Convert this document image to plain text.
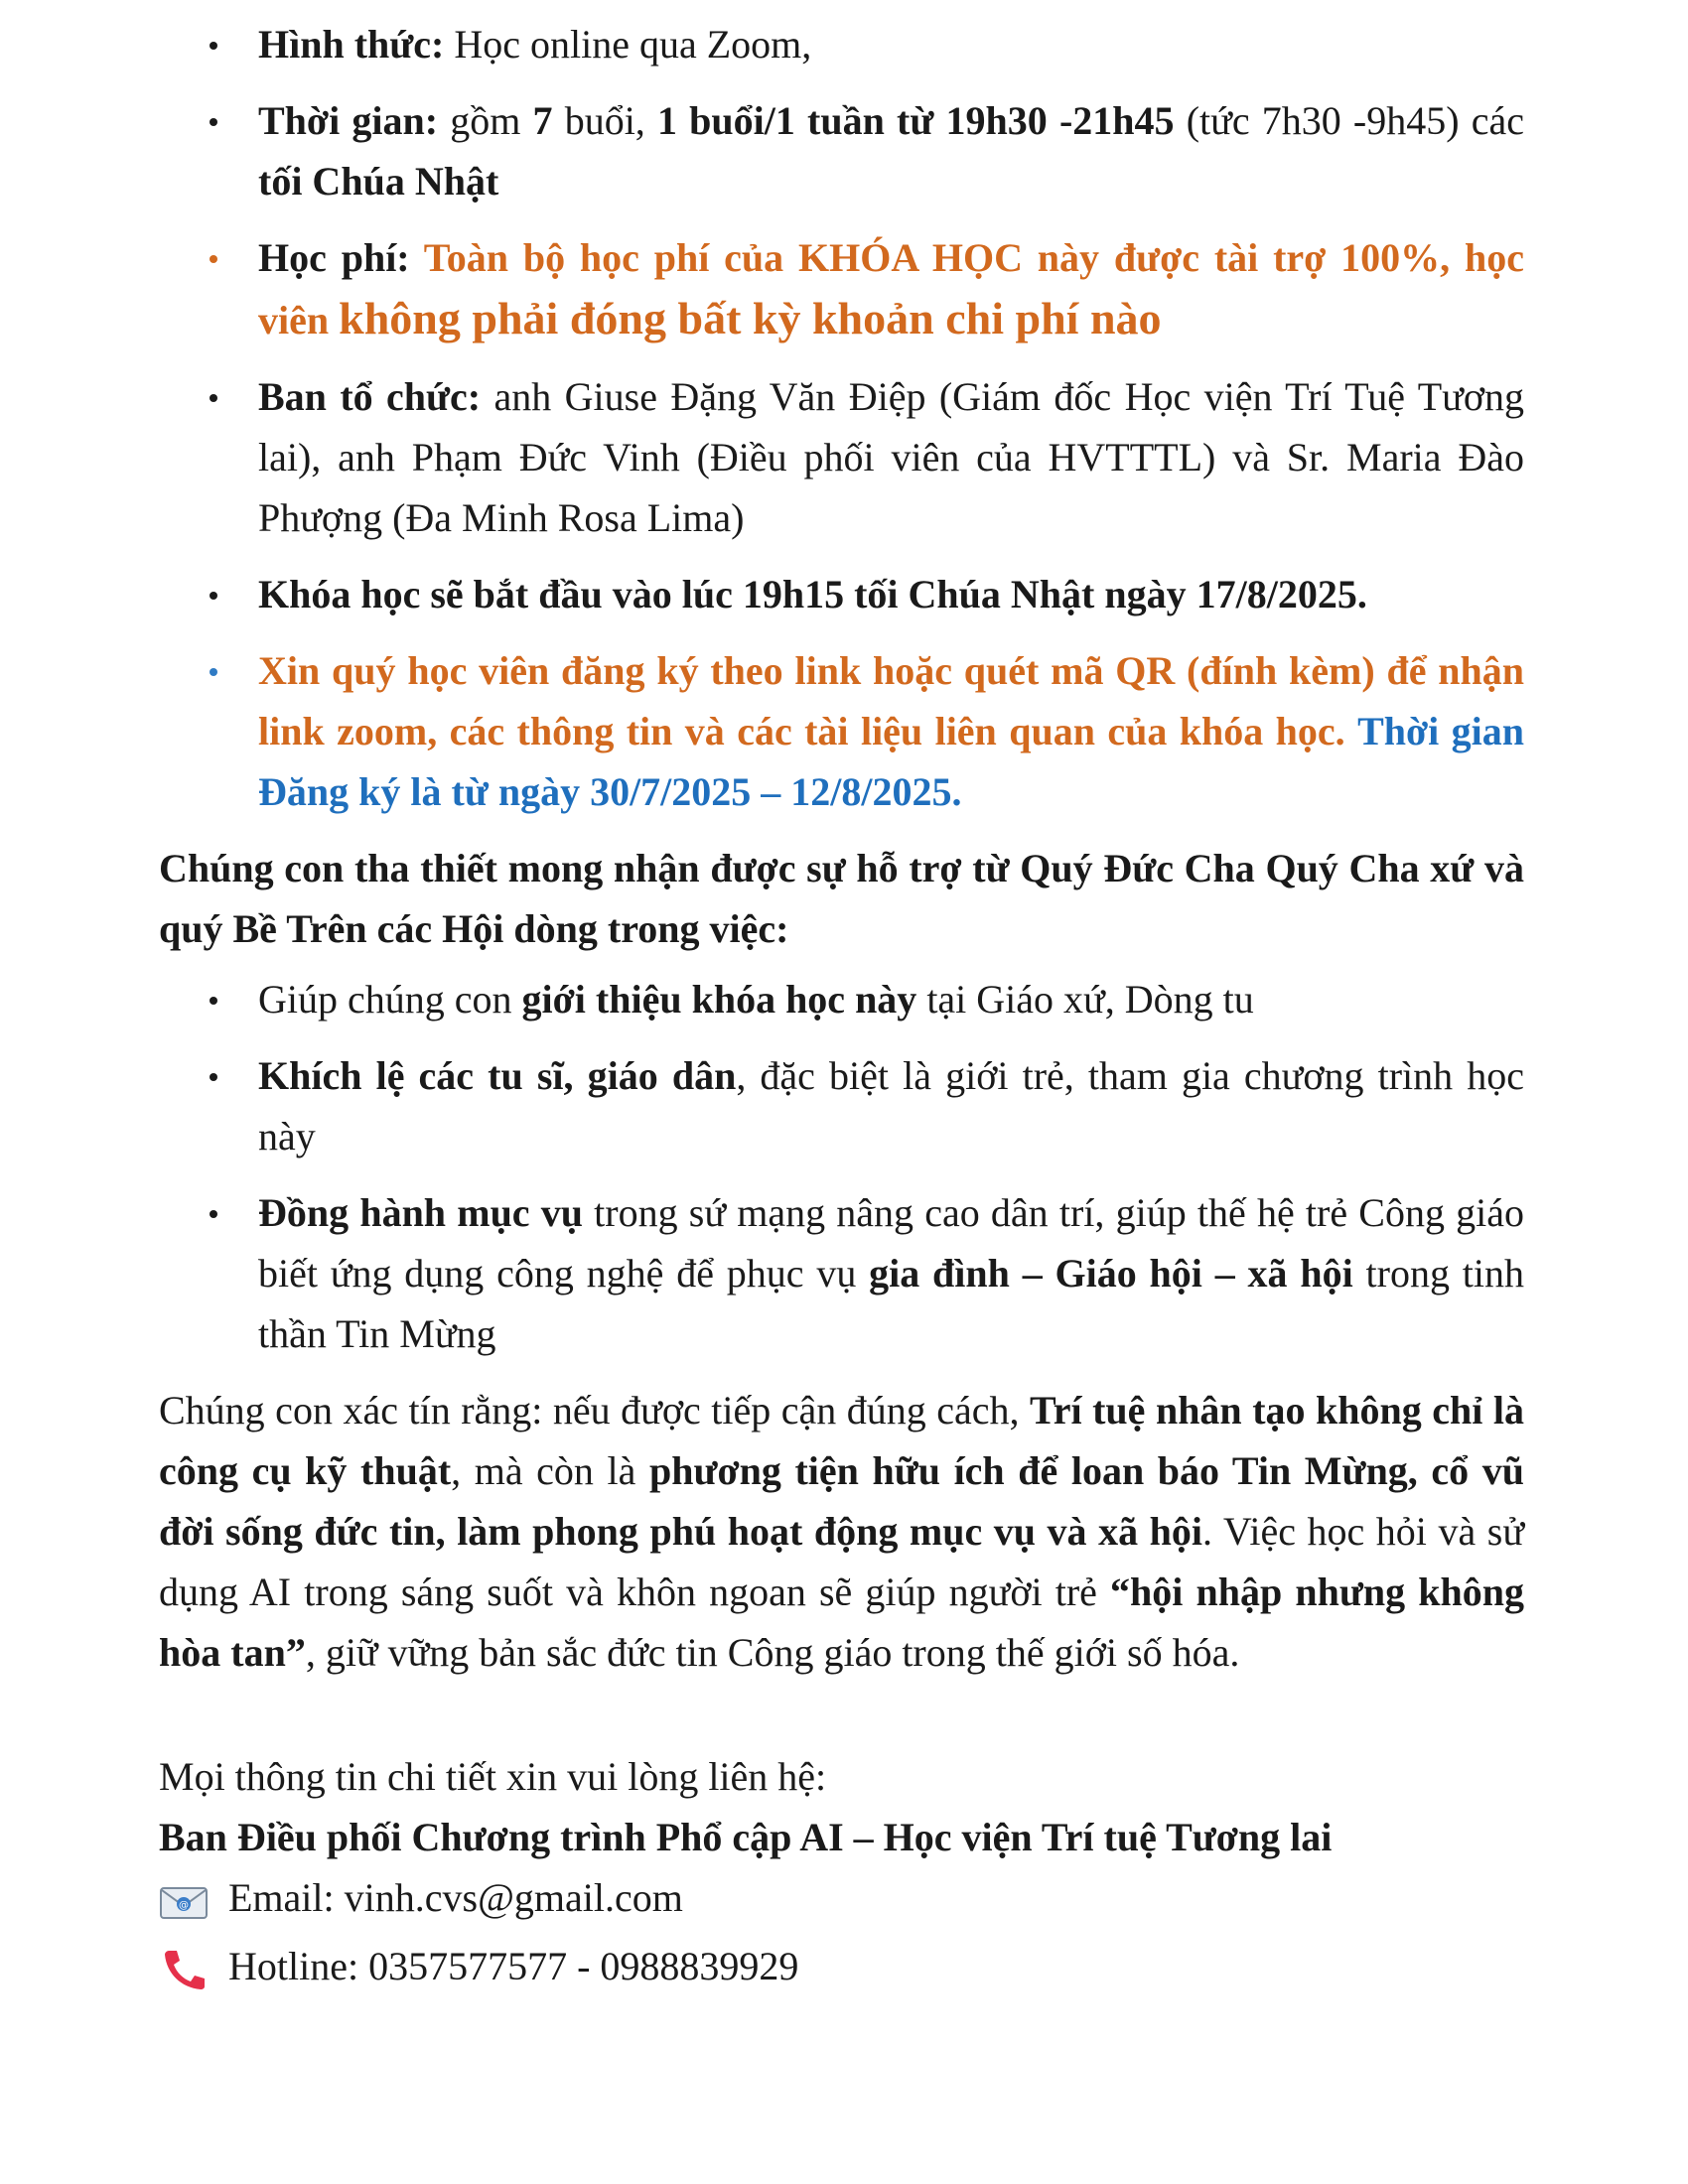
Hình thức: Học online qua Zoom,
Thời gian: gồm 7 buổi, 1 buổi/1 tuần từ 19h30 -21h45 (tức 7h30 -9h45) các tối Chúa Nhật
Học phí: Toàn bộ học phí của KHÓA HỌC này được tài trợ 100%, học viên không phải đóng bất kỳ khoản chi phí nào
Ban tổ chức: anh Giuse Đặng Văn Điệp (Giám đốc Học viện Trí Tuệ Tương lai), anh Phạm Đức Vinh (Điều phối viên của HVTTTL) và Sr. Maria Đào Phượng (Đa Minh Rosa Lima)
Khóa học sẽ bắt đầu vào lúc 19h15 tối Chúa Nhật ngày 17/8/2025.
Xin quý học viên đăng ký theo link hoặc quét mã QR (đính kèm) để nhận link zoom, các thông tin và các tài liệu liên quan của khóa học. Thời gian Đăng ký là từ ngày 30/7/2025 – 12/8/2025.

Chúng con tha thiết mong nhận được sự hỗ trợ từ Quý Đức Cha Quý Cha xứ và quý Bề Trên các Hội dòng trong việc:

Giúp chúng con giới thiệu khóa học này tại Giáo xứ, Dòng tu
Khích lệ các tu sĩ, giáo dân, đặc biệt là giới trẻ, tham gia chương trình học này
Đồng hành mục vụ trong sứ mạng nâng cao dân trí, giúp thế hệ trẻ Công giáo biết ứng dụng công nghệ để phục vụ gia đình – Giáo hội – xã hội trong tinh thần Tin Mừng

Chúng con xác tín rằng: nếu được tiếp cận đúng cách, Trí tuệ nhân tạo không chỉ là công cụ kỹ thuật, mà còn là phương tiện hữu ích để loan báo Tin Mừng, cổ vũ đời sống đức tin, làm phong phú hoạt động mục vụ và xã hội. Việc học hỏi và sử dụng AI trong sáng suốt và khôn ngoan sẽ giúp người trẻ “hội nhập nhưng không hòa tan”, giữ vững bản sắc đức tin Công giáo trong thế giới số hóa.

Mọi thông tin chi tiết xin vui lòng liên hệ:

Ban Điều phối Chương trình Phổ cập AI – Học viện Trí tuệ Tương lai

@ Email: vinh.cvs@gmail.com
Hotline: 0357577577 - 0988839929
